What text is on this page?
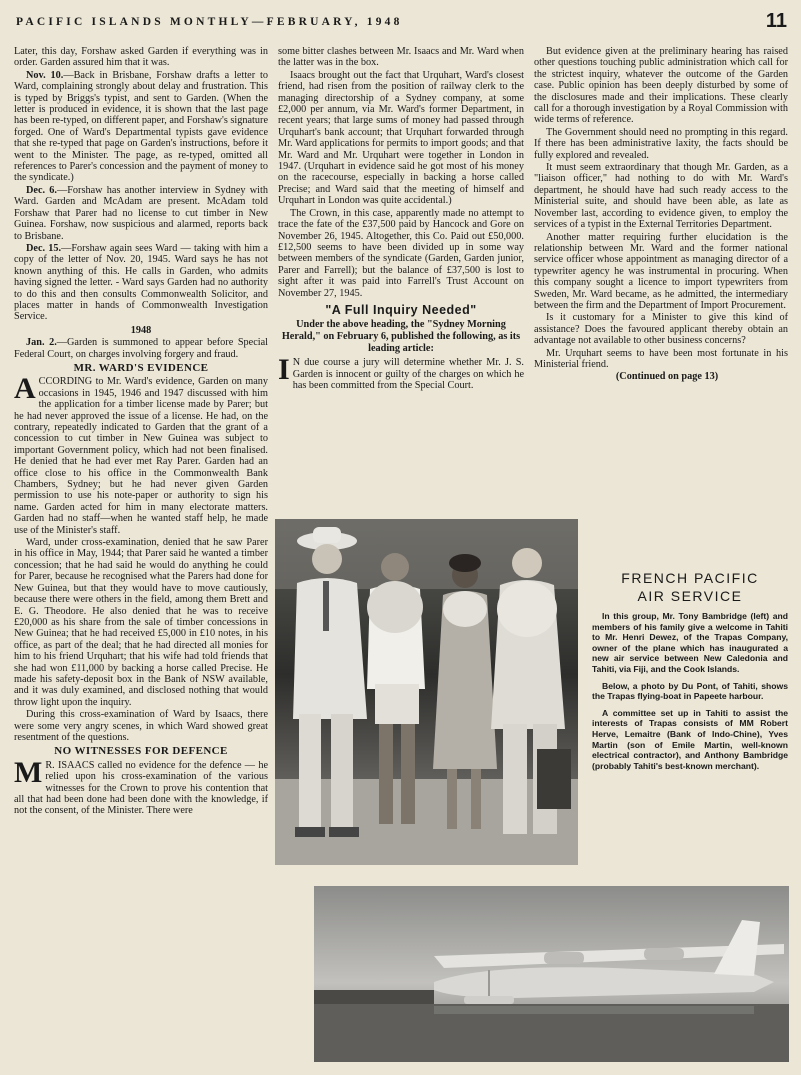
PACIFIC ISLANDS MONTHLY—FEBRUARY, 1948	11

Later, this day, Forshaw asked Garden if everything was in order. Garden assured him that it was.

Nov. 10.—Back in Brisbane, Forshaw drafts a letter to Ward, complaining strongly about delay and frustration. This is typed by Briggs's typist, and sent to Garden. (When the letter is produced in evidence, it is shown that the last page has been re-typed, on different paper, and Forshaw's signature forged. One of Ward's Departmental typists gave evidence that she re-typed that page on Garden's instructions, before it went to the Minister. The page, as re-typed, omitted all references to Parer's concession and the payment of money to the syndicate.)

Dec. 6.—Forshaw has another interview in Sydney with Ward. Garden and McAdam are present. McAdam told Forshaw that Parer had no license to cut timber in New Guinea. Forshaw, now suspicious and alarmed, reports back to Brisbane.

Dec. 15.—Forshaw again sees Ward — taking with him a copy of the letter of Nov. 20, 1945. Ward says he has not known anything of this. He calls in Garden, who admits having signed the letter. - Ward says Garden had no authority to do this and then consults Commonwealth Solicitor, and places matter in hands of Commonwealth Investigation Service.

1948

Jan. 2.—Garden is summoned to appear before Special Federal Court, on charges involving forgery and fraud.

MR. WARD'S EVIDENCE

ACCORDING to Mr. Ward's evidence, Garden on many occasions in 1945, 1946 and 1947 discussed with him the application for a timber license made by Parer; but he had never approved the issue of a license. He had, on the contrary, repeatedly indicated to Garden that the grant of a concession to cut timber in New Guinea was subject to important Government policy, which had not been finalised. He denied that he had ever met Ray Parer. Garden had an office close to his office in the Commonwealth Bank Chambers, Sydney; but he had never given Garden permission to use his note-paper or authority to sign his name. Garden acted for him in many electorate matters. Garden had no staff—when he wanted staff help, he made use of the Minister's staff.

Ward, under cross-examination, denied that he saw Parer in his office in May, 1944; that Parer said he wanted a timber concession; that he had said he would do anything he could for Parer, because he recognised what the Parers had done for New Guinea, but that they would have to move cautiously, because there were others in the field, among them Brett and E. G. Theodore. He also denied that he was to receive £20,000 as his share from the sale of timber concessions in New Guinea; that he had received £5,000 in £10 notes, in his office, as part of the deal; that he had directed all monies for him to his friend Urquhart; that his wife had told friends that she had won £11,000 by backing a horse called Precise. He made his safety-deposit box in the Bank of NSW available, and it was duly examined, and disclosed nothing that would throw light upon the inquiry.

During this cross-examination of Ward by Isaacs, there were some very angry scenes, in which Ward showed great resentment of the questions.

NO WITNESSES FOR DEFENCE

M R. ISAACS called no evidence for the defence — he relied upon his cross-examination of the various witnesses for the Crown to prove his contention that all that had been done had been done with the knowledge, if not the consent, of the Minister. There were

some bitter clashes between Mr. Isaacs and Mr. Ward when the latter was in the box.

Isaacs brought out the fact that Urquhart, Ward's closest friend, had risen from the position of railway clerk to the managing directorship of a Sydney company, at some £2,000 per annum, via Mr. Ward's former Department, in recent years; that large sums of money had passed through Urquhart's bank account; that Urquhart forwarded through Mr. Ward applications for permits to import goods; and that Mr. Ward and Mr. Urquhart were together in London in 1947. (Urquhart in evidence said he got most of his money on the racecourse, especially in backing a horse called Precise; and Ward said that the meeting of himself and Urquhart in London was quite accidental.)

The Crown, in this case, apparently made no attempt to trace the fate of the £37,500 paid by Hancock and Gore on November 26, 1945. Altogether, this Co. Paid out £50,000. £12,500 seems to have been divided up in some way between members of the syndicate (Garden, Garden junior, Parer and Farrell); but the balance of £37,500 is lost to sight after it was paid into Farrell's Trust Account on November 27, 1945.

"A Full Inquiry Needed"

Under the above heading, the "Sydney Morning Herald," on February 6, published the following, as its leading article:

I N due course a jury will determine whether Mr. J. S. Garden is innocent or guilty of the charges on which he has been committed from the Special Court.

But evidence given at the preliminary hearing has raised other questions touching public administration which call for the strictest inquiry, whatever the outcome of the Garden case. Public opinion has been deeply disturbed by some of the disclosures made and their implications. These clearly call for a thorough investigation by a Royal Commission with wide terms of reference.

The Government should need no prompting in this regard. If there has been administrative laxity, the facts should be fully explored and revealed.

It must seem extraordinary that though Mr. Garden, as a "liaison officer," had nothing to do with Mr. Ward's department, he should have had such ready access to the Ministerial suite, and should have been able, as late as November last, according to evidence given, to employ the services of a typist in the External Territories Department.

Another matter requiring further elucidation is the relationship between Mr. Ward and the former national service officer whose appointment as managing director of a typewriter agency he was instrumental in procuring. When this company sought a licence to import typewriters from Sweden, Mr. Ward became, as he admitted, the intermediary between the firm and the Department of Import Procurement.

Is it customary for a Minister to give this kind of assistance? Does the favoured applicant thereby obtain an advantage not available to other business concerns?

Mr. Urquhart seems to have been most fortunate in his Ministerial friend.

(Continued on page 13)

FRENCH PACIFIC
AIR SERVICE

In this group, Mr. Tony Bambridge (left) and members of his family give a welcome in Tahiti to Mr. Henri Dewez, of the Trapas Company, owner of the plane which has inaugurated a new air service between New Caledonia and Tahiti, via Fiji, and the Cook Islands.

Below, a photo by Du Pont, of Tahiti, shows the Trapas flying-boat in Papeete harbour.

A committee set up in Tahiti to assist the interests of Trapas consists of MM Robert Herve, Lemaitre (Bank of Indo-Chine), Yves Martin (son of Emile Martin, well-known electrical contractor), and Anthony Bambridge (probably Tahiti's best-known merchant).
